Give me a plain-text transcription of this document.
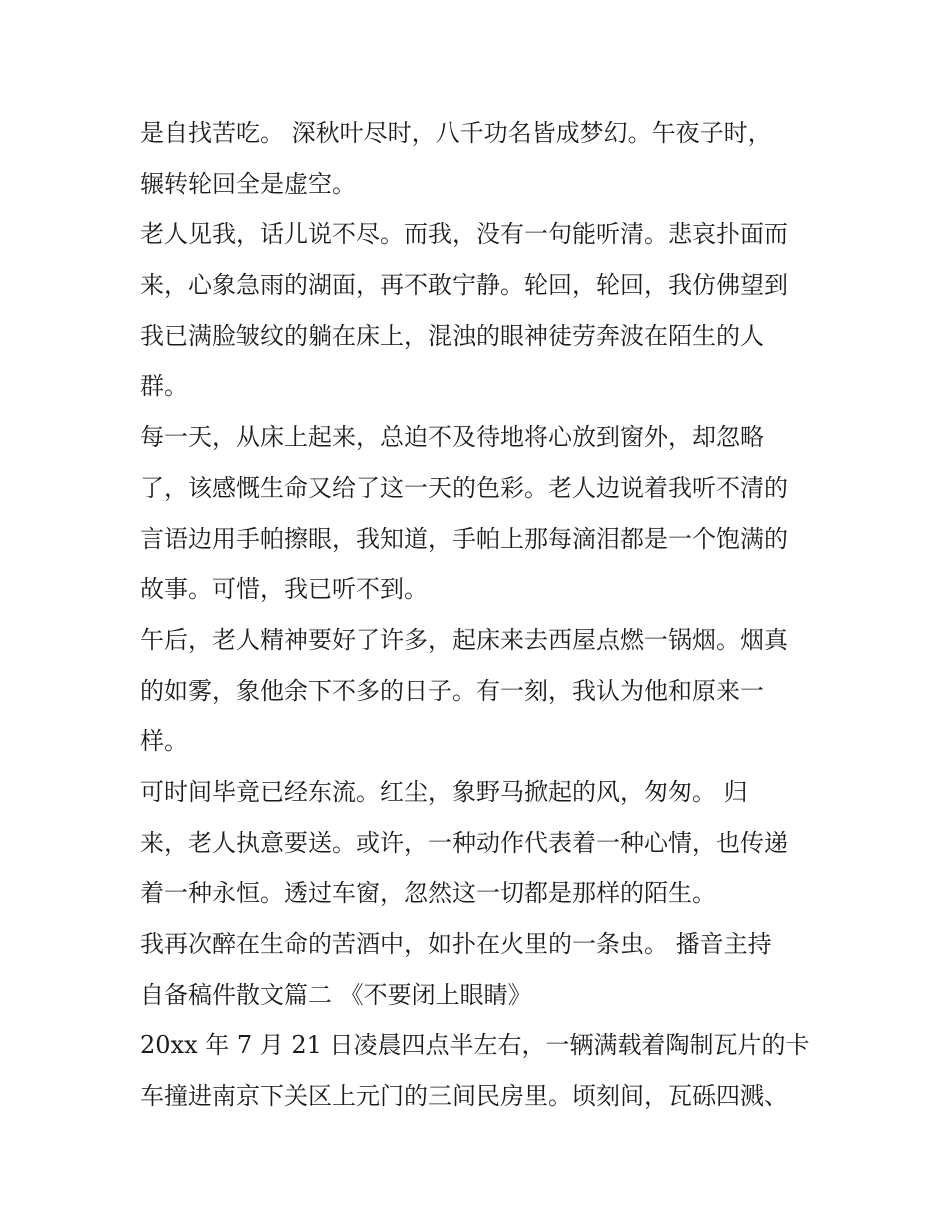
是自找苦吃。 深秋叶尽时，八千功名皆成梦幻。午夜子时，
辗转轮回全是虚空。
老人见我，话儿说不尽。而我，没有一句能听清。悲哀扑面而
来，心象急雨的湖面，再不敢宁静。轮回，轮回，我仿佛望到
我已满脸皱纹的躺在床上，混浊的眼神徒劳奔波在陌生的人
群。
每一天，从床上起来，总迫不及待地将心放到窗外，却忽略
了，该感慨生命又给了这一天的色彩。老人边说着我听不清的
言语边用手帕擦眼，我知道，手帕上那每滴泪都是一个饱满的
故事。可惜，我已听不到。
午后，老人精神要好了许多，起床来去西屋点燃一锅烟。烟真
的如雾，象他余下不多的日子。有一刻，我认为他和原来一
样。
可时间毕竟已经东流。红尘，象野马掀起的风，匆匆。 归
来，老人执意要送。或许，一种动作代表着一种心情，也传递
着一种永恒。透过车窗，忽然这一切都是那样的陌生。
我再次醉在生命的苦酒中，如扑在火里的一条虫。 播音主持
自备稿件散文篇二 《不要闭上眼睛》
20xx 年 7 月 21 日凌晨四点半左右，一辆满载着陶制瓦片的卡
车撞进南京下关区上元门的三间民房里。顷刻间，瓦砾四溅、
